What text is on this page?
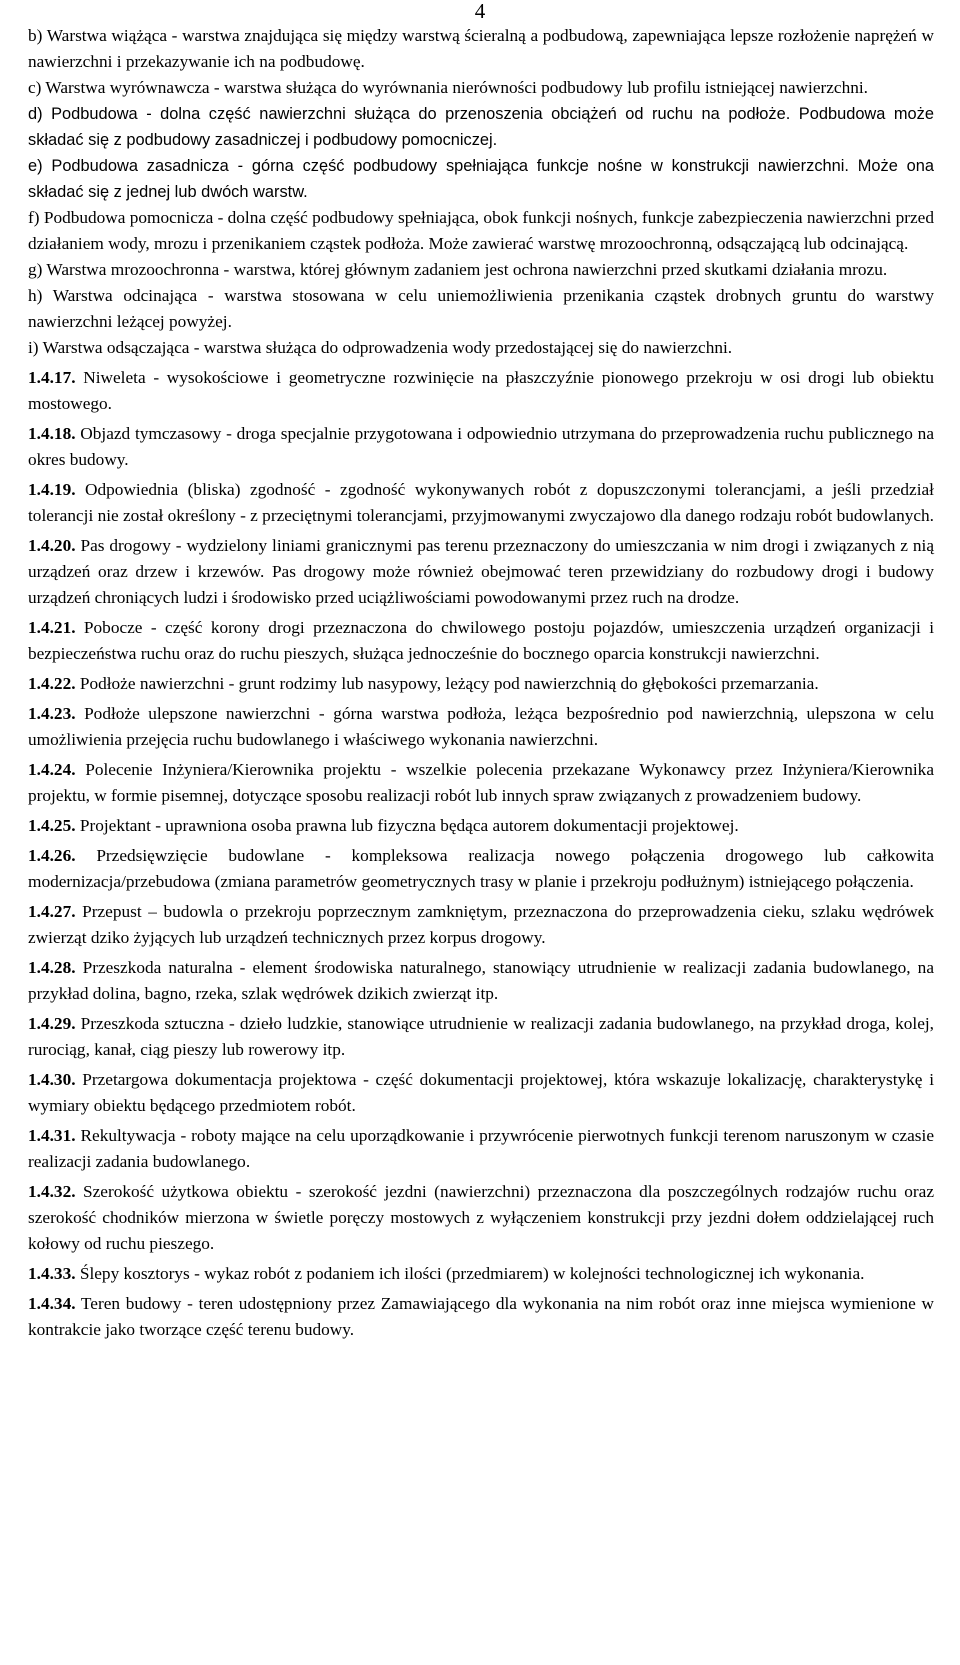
4

b) Warstwa wiążąca - warstwa znajdująca się między warstwą ścieralną a podbudową, zapewniająca lepsze rozłożenie naprężeń w nawierzchni i przekazywanie ich na podbudowę.

c) Warstwa wyrównawcza - warstwa służąca do wyrównania nierówności podbudowy lub profilu istniejącej nawierzchni.

d) Podbudowa - dolna część nawierzchni służąca do przenoszenia obciążeń od ruchu na podłoże. Podbudowa może składać się z podbudowy zasadniczej i podbudowy pomocniczej.

e) Podbudowa zasadnicza - górna część podbudowy spełniająca funkcje nośne w konstrukcji nawierzchni. Może ona składać się z jednej lub dwóch warstw.

f) Podbudowa pomocnicza - dolna część podbudowy spełniająca, obok funkcji nośnych, funkcje zabezpieczenia nawierzchni przed działaniem wody, mrozu i przenikaniem cząstek podłoża. Może zawierać warstwę mrozoochronną, odsączającą lub odcinającą.

g) Warstwa mrozoochronna - warstwa, której głównym zadaniem jest ochrona nawierzchni przed skutkami działania mrozu.

h) Warstwa odcinająca - warstwa stosowana w celu uniemożliwienia przenikania cząstek drobnych gruntu do warstwy nawierzchni leżącej powyżej.

i) Warstwa odsączająca - warstwa służąca do odprowadzenia wody przedostającej się do nawierzchni.

1.4.17. Niweleta - wysokościowe i geometryczne rozwinięcie na płaszczyźnie pionowego przekroju w osi drogi lub obiektu mostowego.

1.4.18. Objazd tymczasowy - droga specjalnie przygotowana i odpowiednio utrzymana do przeprowadzenia ruchu publicznego na okres budowy.

1.4.19. Odpowiednia (bliska) zgodność - zgodność wykonywanych robót z dopuszczonymi tolerancjami, a jeśli przedział tolerancji nie został określony - z przeciętnymi tolerancjami, przyjmowanymi zwyczajowo dla danego rodzaju robót budowlanych.

1.4.20. Pas drogowy - wydzielony liniami granicznymi pas terenu przeznaczony do umieszczania w nim drogi i związanych z nią urządzeń oraz drzew i krzewów. Pas drogowy może również obejmować teren przewidziany do rozbudowy drogi i budowy urządzeń chroniących ludzi i środowisko przed uciążliwościami powodowanymi przez ruch na drodze.

1.4.21. Pobocze - część korony drogi przeznaczona do chwilowego postoju pojazdów, umieszczenia urządzeń organizacji i bezpieczeństwa ruchu oraz do ruchu pieszych, służąca jednocześnie do bocznego oparcia konstrukcji nawierzchni.

1.4.22. Podłoże nawierzchni - grunt rodzimy lub nasypowy, leżący pod nawierzchnią do głębokości przemarzania.

1.4.23. Podłoże ulepszone nawierzchni - górna warstwa podłoża, leżąca bezpośrednio pod nawierzchnią, ulepszona w celu umożliwienia przejęcia ruchu budowlanego i właściwego wykonania nawierzchni.

1.4.24. Polecenie Inżyniera/Kierownika projektu - wszelkie polecenia przekazane Wykonawcy przez Inżyniera/Kierownika projektu, w formie pisemnej, dotyczące sposobu realizacji robót lub innych spraw związanych z prowadzeniem budowy.

1.4.25. Projektant - uprawniona osoba prawna lub fizyczna będąca autorem dokumentacji projektowej.

1.4.26. Przedsięwzięcie budowlane - kompleksowa realizacja nowego połączenia drogowego lub całkowita modernizacja/przebudowa (zmiana parametrów geometrycznych trasy w planie i przekroju podłużnym) istniejącego połączenia.

1.4.27. Przepust – budowla o przekroju poprzecznym zamkniętym, przeznaczona do przeprowadzenia cieku, szlaku wędrówek zwierząt dziko żyjących lub urządzeń technicznych przez korpus drogowy.

1.4.28. Przeszkoda naturalna - element środowiska naturalnego, stanowiący utrudnienie w realizacji zadania budowlanego, na przykład dolina, bagno, rzeka, szlak wędrówek dzikich zwierząt itp.

1.4.29. Przeszkoda sztuczna - dzieło ludzkie, stanowiące utrudnienie w realizacji zadania budowlanego, na przykład droga, kolej, rurociąg, kanał, ciąg pieszy lub rowerowy itp.

1.4.30. Przetargowa dokumentacja projektowa - część dokumentacji projektowej, która wskazuje lokalizację, charakterystykę i wymiary obiektu będącego przedmiotem robót.

1.4.31. Rekultywacja - roboty mające na celu uporządkowanie i przywrócenie pierwotnych funkcji terenom naruszonym w czasie realizacji zadania budowlanego.

1.4.32. Szerokość użytkowa obiektu - szerokość jezdni (nawierzchni) przeznaczona dla poszczególnych rodzajów ruchu oraz szerokość chodników mierzona w świetle poręczy mostowych z wyłączeniem konstrukcji przy jezdni dołem oddzielającej ruch kołowy od ruchu pieszego.

1.4.33. Ślepy kosztorys - wykaz robót z podaniem ich ilości (przedmiarem) w kolejności technologicznej ich wykonania.

1.4.34. Teren budowy - teren udostępniony przez Zamawiającego dla wykonania na nim robót oraz inne miejsca wymienione w kontrakcie jako tworzące część terenu budowy.
